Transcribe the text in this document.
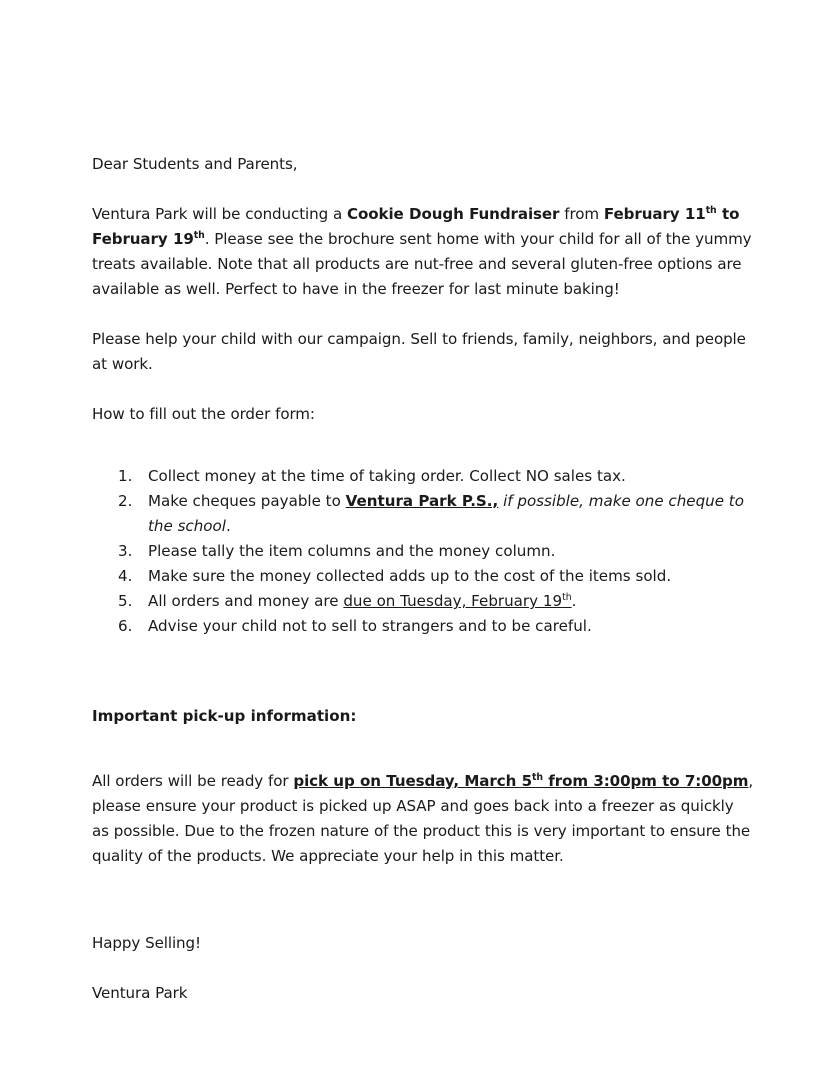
Dear Students and Parents,

Ventura Park will be conducting a Cookie Dough Fundraiser from February 11th to February 19th. Please see the brochure sent home with your child for all of the yummy treats available. Note that all products are nut-free and several gluten-free options are available as well. Perfect to have in the freezer for last minute baking!

Please help your child with our campaign. Sell to friends, family, neighbors, and people at work.

How to fill out the order form:

1.	Collect money at the time of taking order. Collect NO sales tax.
2.	Make cheques payable to Ventura Park P.S., if possible, make one cheque to the school.
3.	Please tally the item columns and the money column.
4.	Make sure the money collected adds up to the cost of the items sold.
5.	All orders and money are due on Tuesday, February 19th.
6.	Advise your child not to sell to strangers and to be careful.

Important pick-up information:

All orders will be ready for pick up on Tuesday, March 5th from 3:00pm to 7:00pm, please ensure your product is picked up ASAP and goes back into a freezer as quickly as possible. Due to the frozen nature of the product this is very important to ensure the quality of the products. We appreciate your help in this matter.

Happy Selling!

Ventura Park
